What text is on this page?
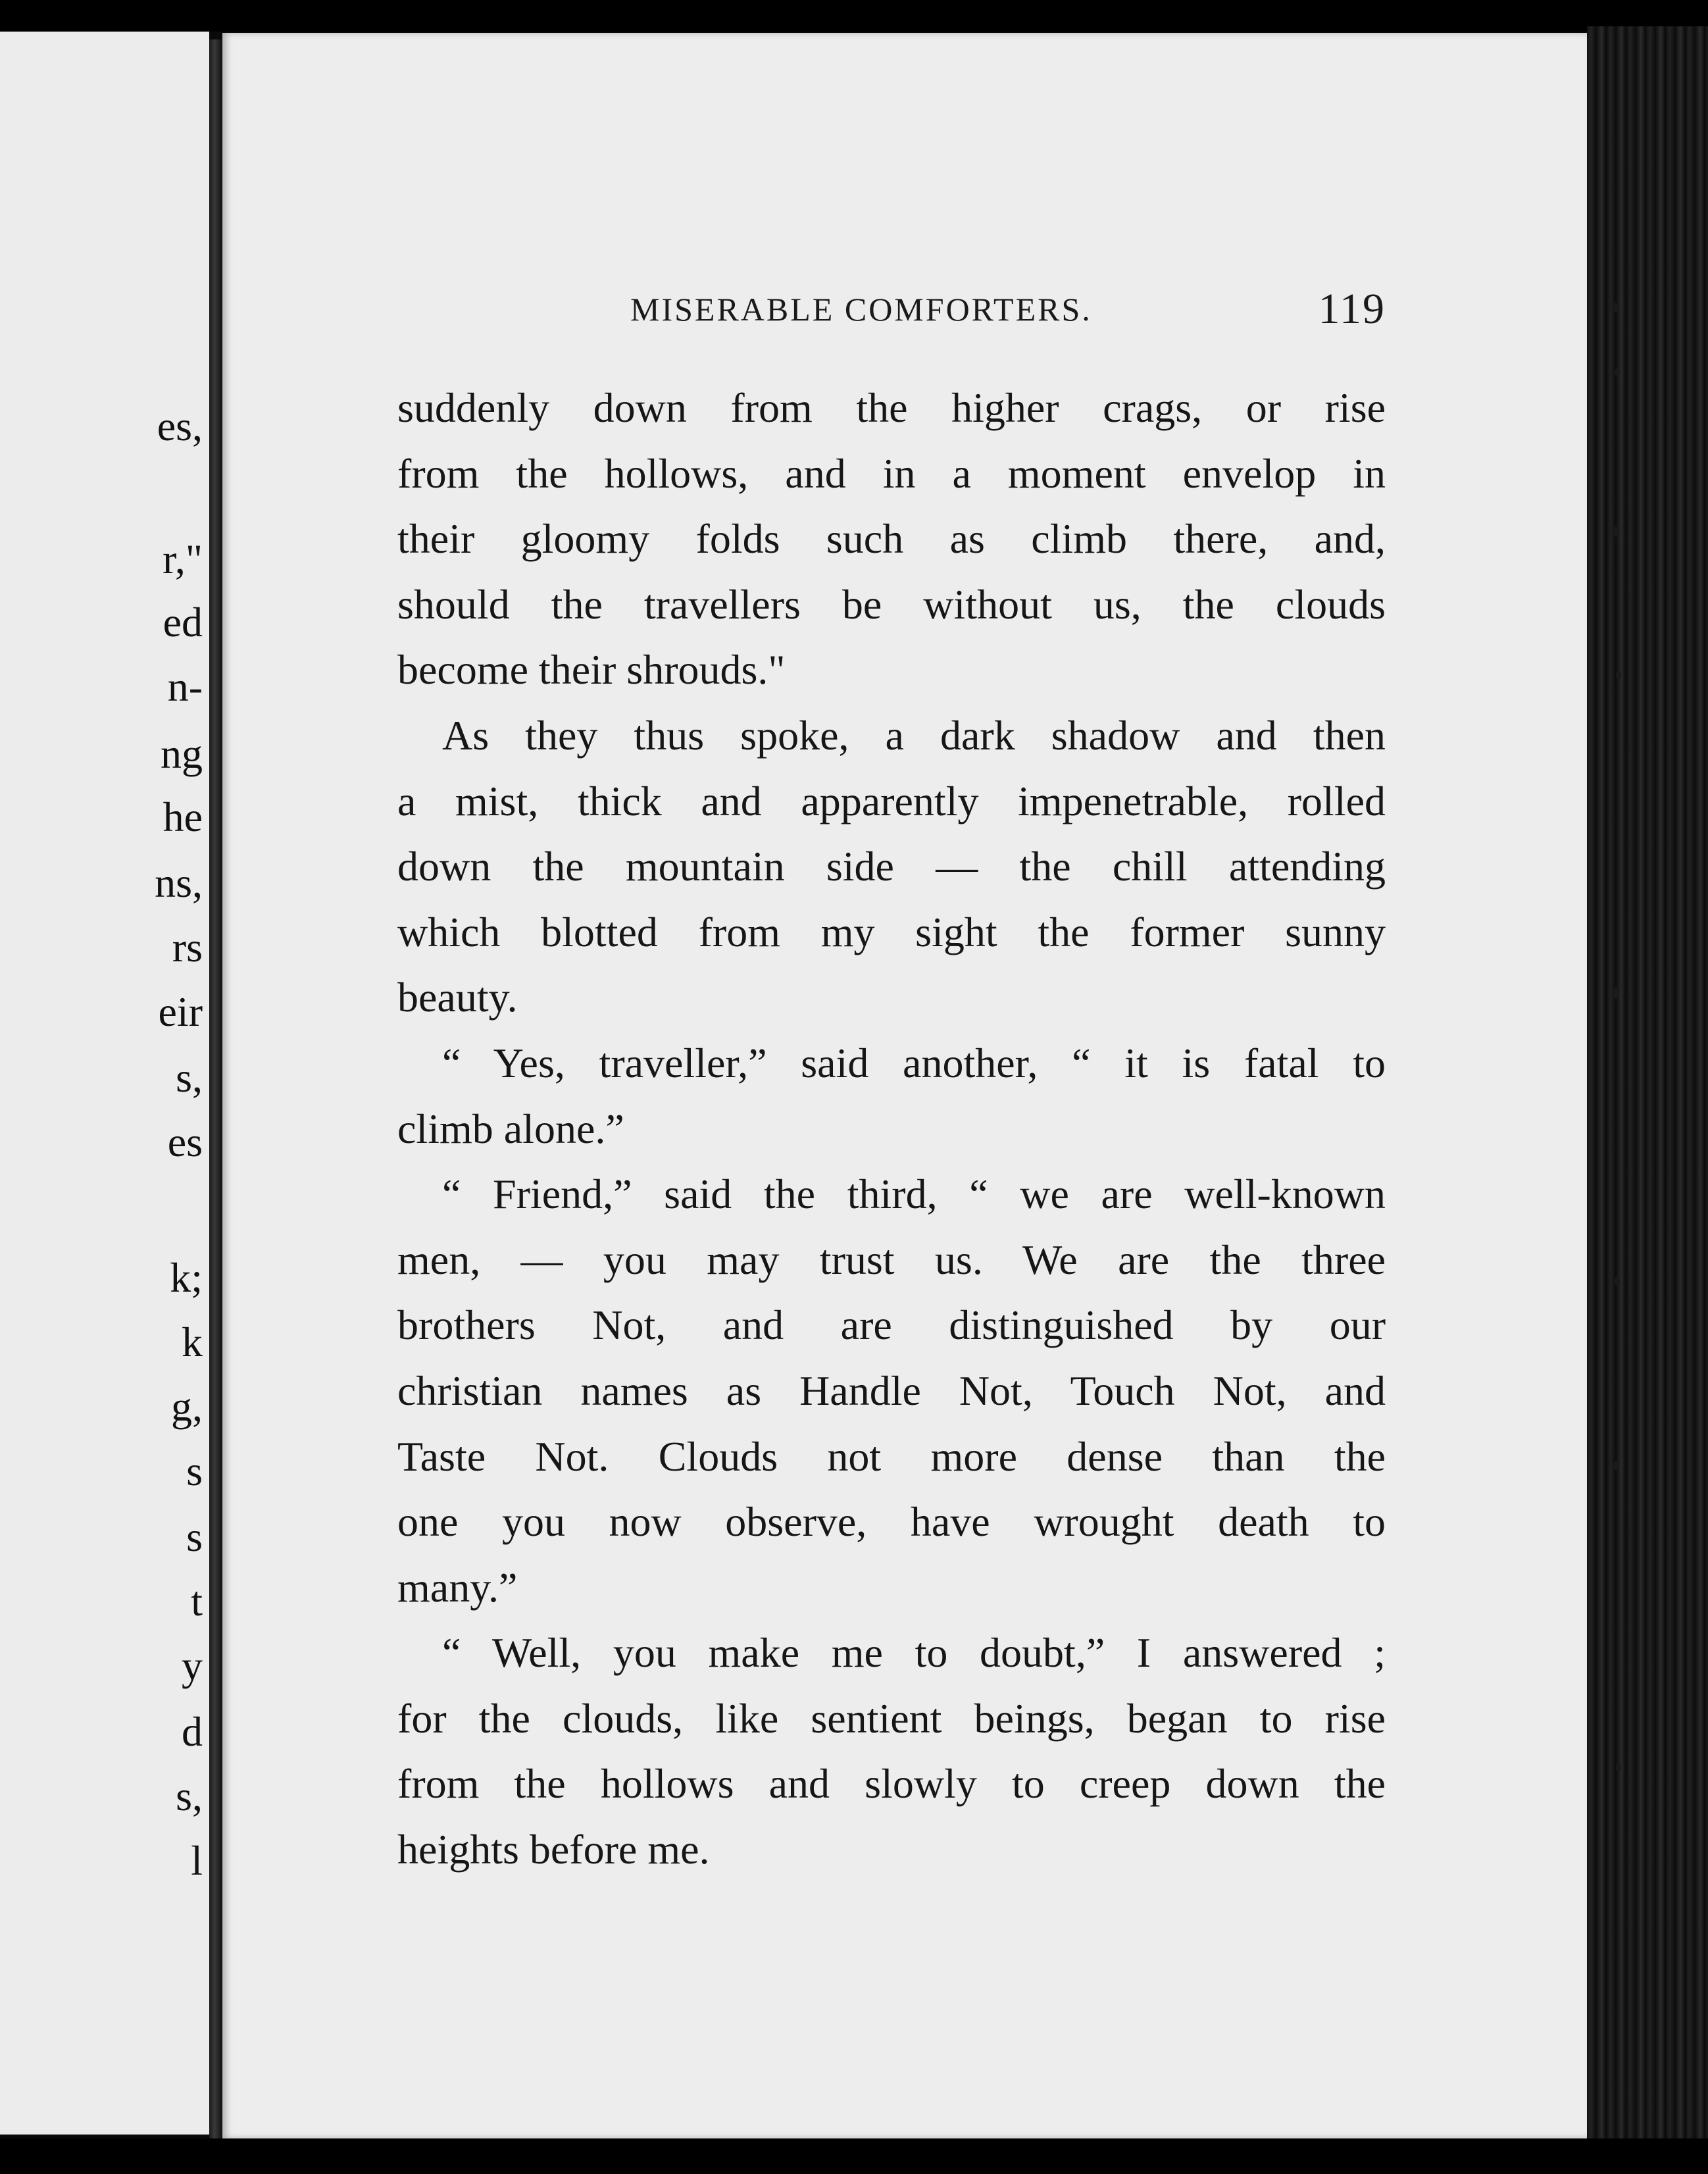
es,
r,"
ed
n-
ng
he
ns,
rs
eir
s,
es
k;
k
g,
s
s
t
y
d
s,
l
MISERABLE COMFORTERS.	119
suddenly down from the higher crags, or rise
from the hollows, and in a moment envelop in
their gloomy folds such as climb there, and,
should the travellers be without us, the clouds
become their shrouds."
As they thus spoke, a dark shadow and then
a mist, thick and apparently impenetrable, rolled
down the mountain side — the chill attending
which blotted from my sight the former sunny
beauty.
“ Yes, traveller,” said another, “ it is fatal to
climb alone.”
“ Friend,” said the third, “ we are well-known
men, — you may trust us. We are the three
brothers Not, and are distinguished by our
christian names as Handle Not, Touch Not, and
Taste Not. Clouds not more dense than the
one you now observe, have wrought death to
many.”
“ Well, you make me to doubt,” I answered ;
for the clouds, like sentient beings, began to rise
from the hollows and slowly to creep down the
heights before me.
